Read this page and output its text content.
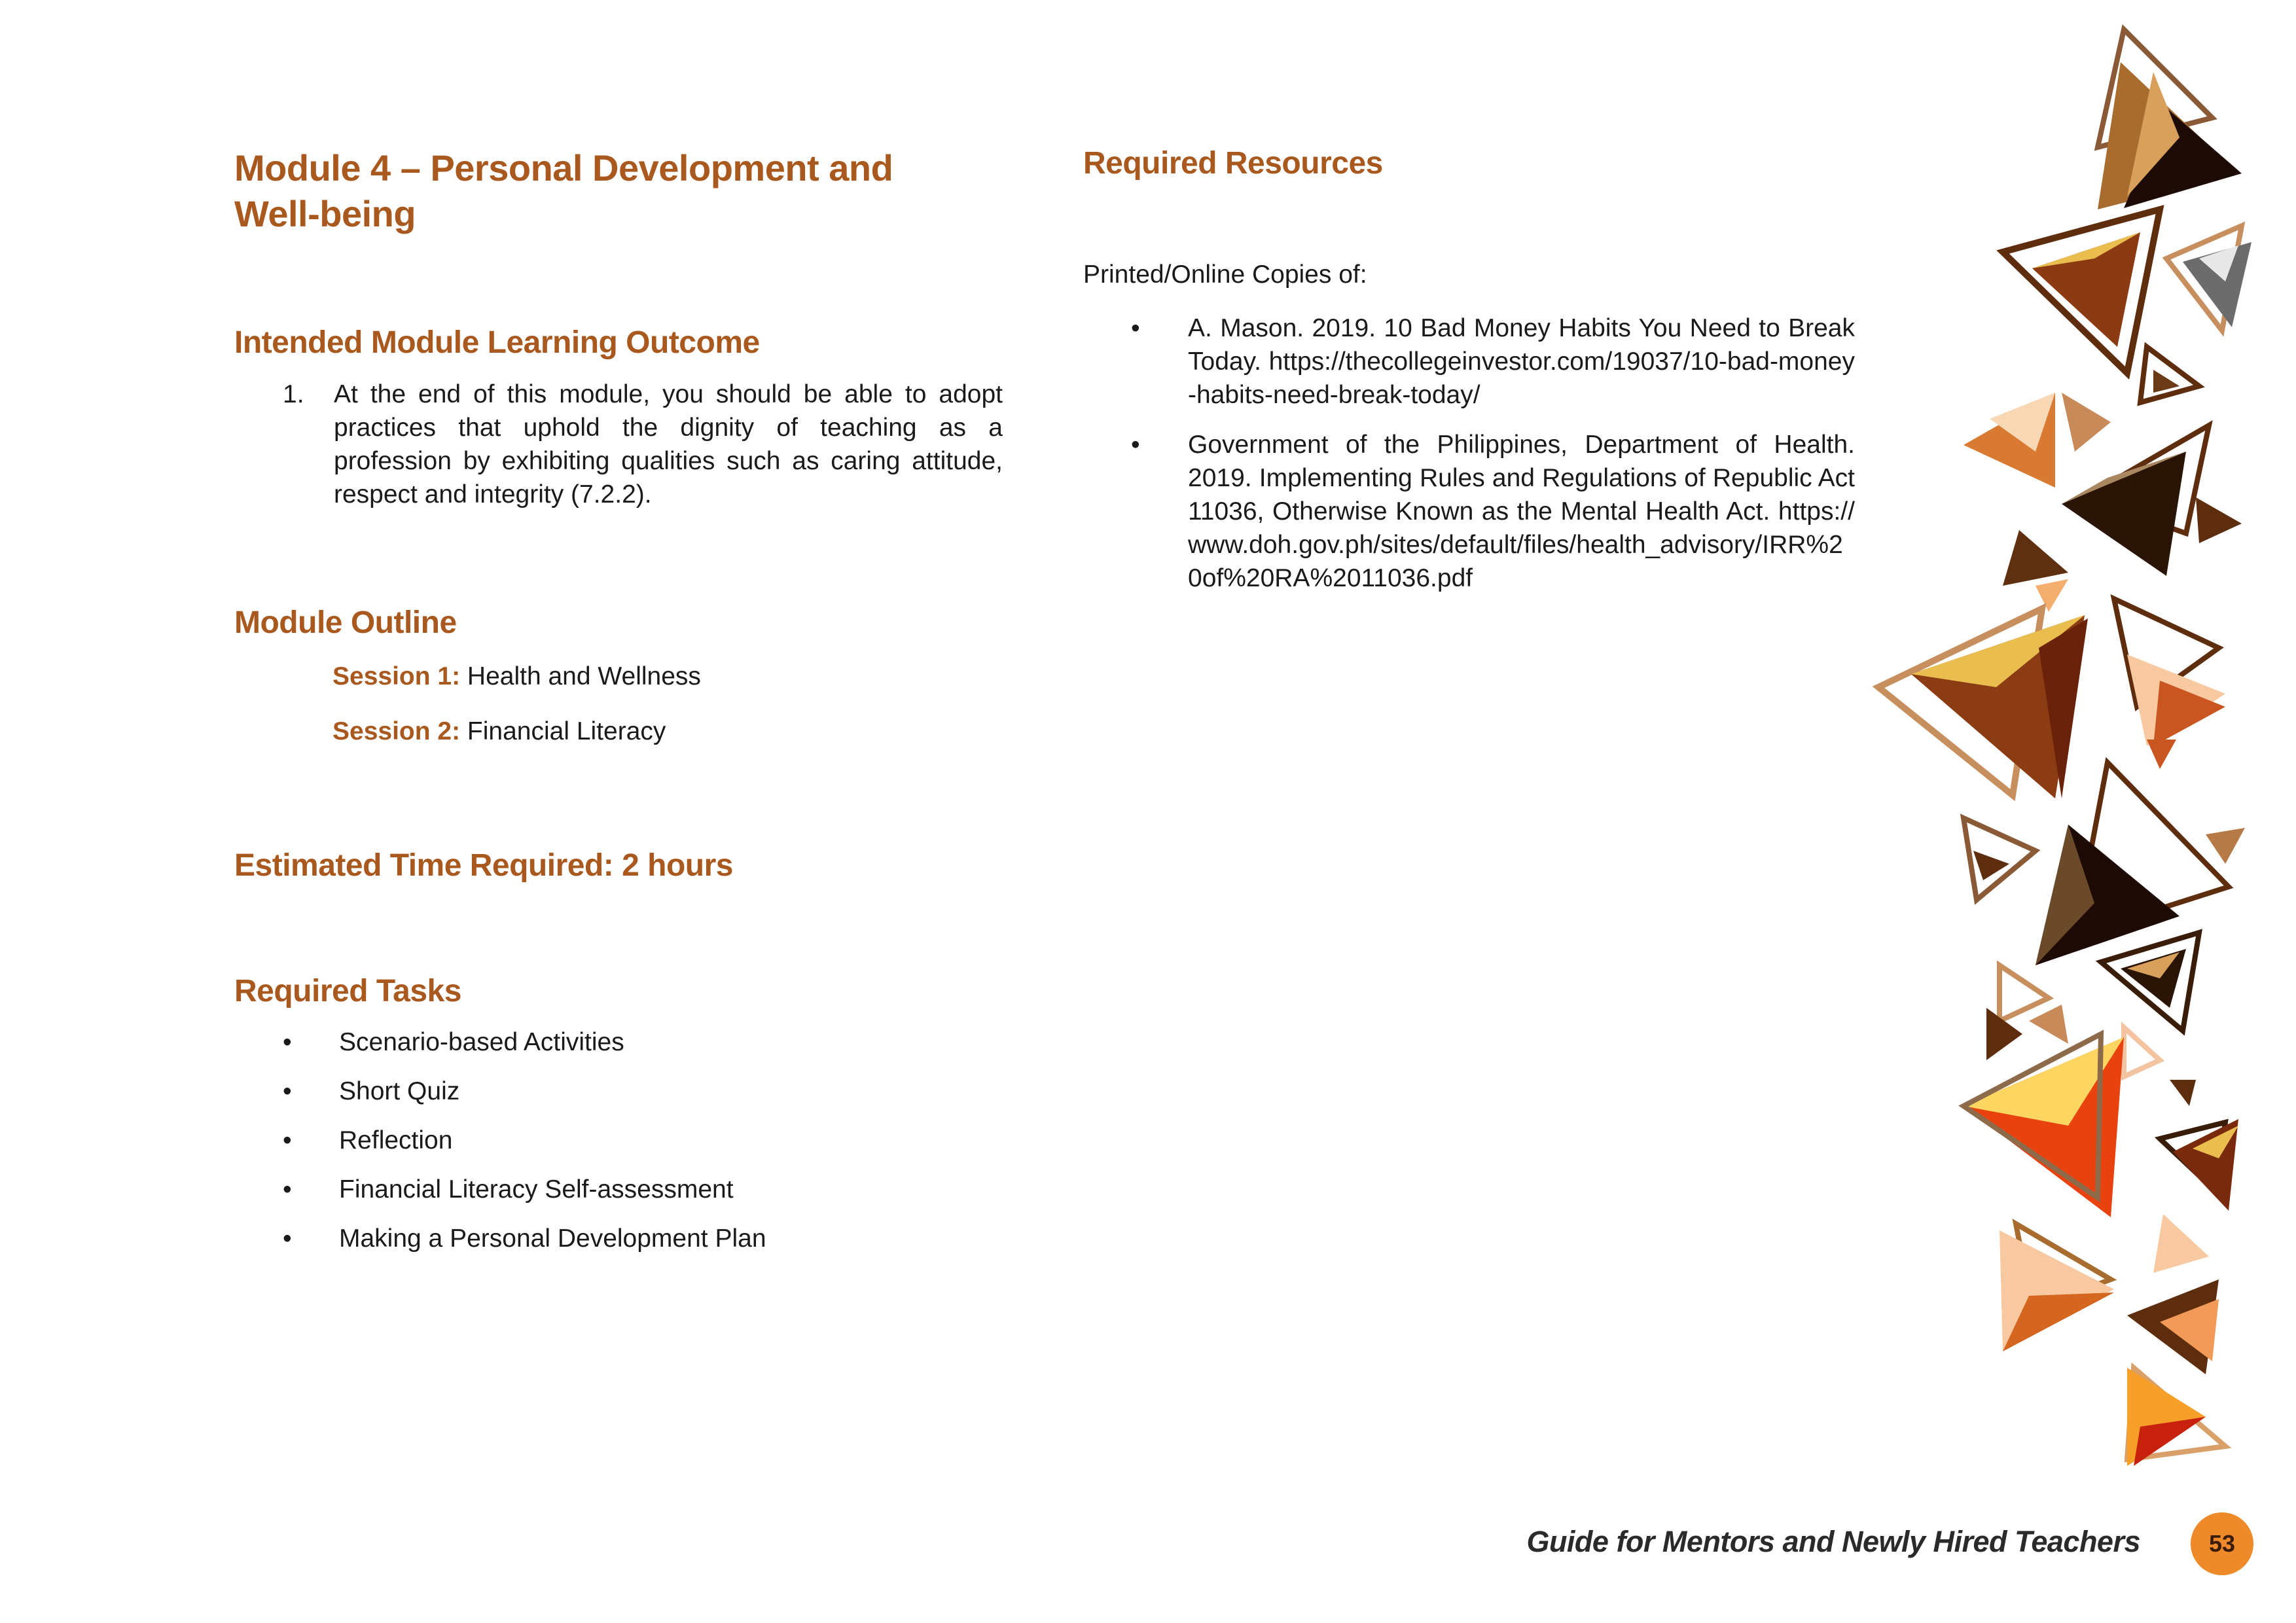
Module 4 – Personal Development and Well-being
Intended Module Learning Outcome
1. At the end of this module, you should be able to adopt practices that uphold the dignity of teaching as a profession by exhibiting qualities such as caring attitude, respect and integrity (7.2.2).
Module Outline
Session 1: Health and Wellness
Session 2: Financial Literacy
Estimated Time Required: 2 hours
Required Tasks
• Scenario-based Activities
• Short Quiz
• Reflection
• Financial Literacy Self-assessment
• Making a Personal Development Plan
Required Resources
Printed/Online Copies of:
• A. Mason. 2019. 10 Bad Money Habits You Need to Break Today. https://thecollegeinvestor.com/19037/10-bad-money-habits-need-break-today/
• Government of the Philippines, Department of Health. 2019. Implementing Rules and Regulations of Republic Act 11036, Otherwise Known as the Mental Health Act. https://www.doh.gov.ph/sites/default/files/health_advisory/IRR%20of%20RA%2011036.pdf
Guide for Mentors and Newly Hired Teachers	53
